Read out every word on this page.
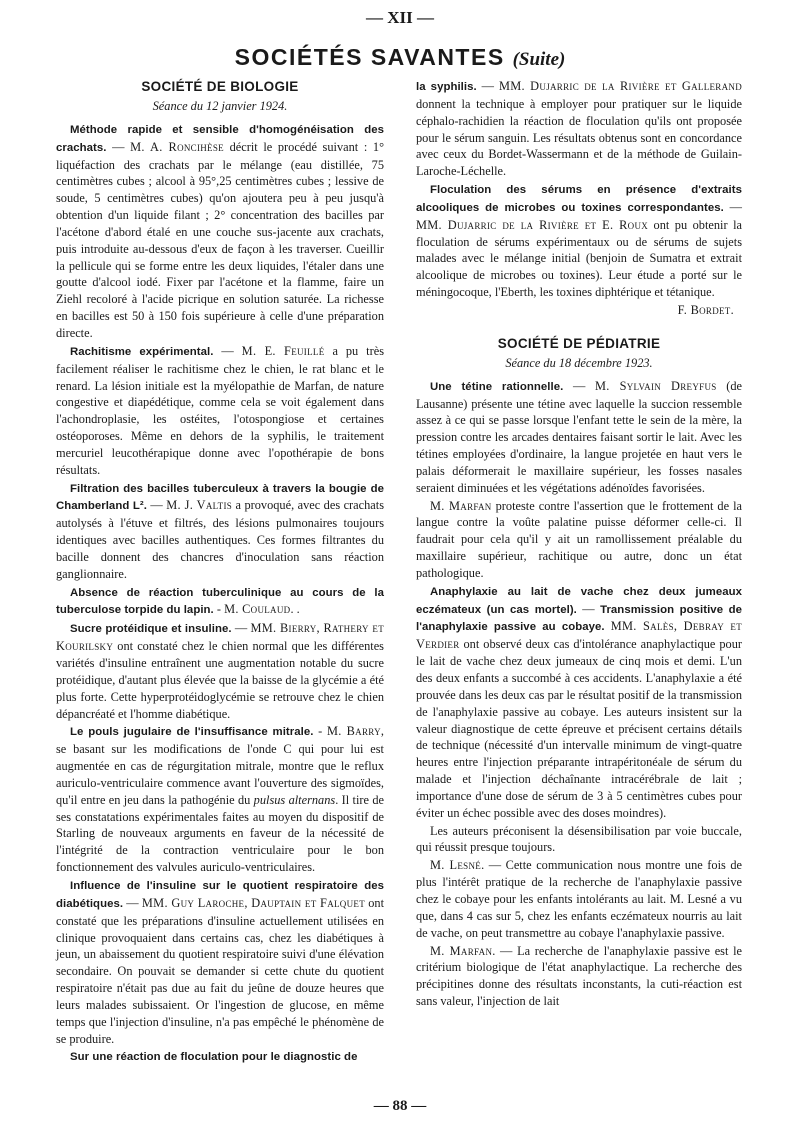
— XII —
SOCIÉTÉS SAVANTES (Suite)
SOCIÉTÉ DE BIOLOGIE
Séance du 12 janvier 1924.

Méthode rapide et sensible d'homogénéisation des crachats. — M. A. Roncihèse décrit le procédé suivant : 1° liquéfaction des crachats par le mélange (eau distillée, 75 centimètres cubes ; alcool à 95°,25 centimètres cubes ; lessive de soude, 5 centimètres cubes) qu'on ajoutera peu à peu jusqu'à obtention d'un liquide filant ; 2° concentration des bacilles par l'acétone d'abord étalé en une couche sus-jacente aux crachats, puis introduite au-dessous d'eux de façon à les traverser. Cueillir la pellicule qui se forme entre les deux liquides, l'étaler dans une goutte d'alcool iodé. Fixer par l'acétone et la flamme, faire un Ziehl recoloré à l'acide picrique en solution saturée. La richesse en bacilles est 50 à 150 fois supérieure à celle d'une préparation directe.

Rachitisme expérimental. — M. E. Feuillé a pu très facilement réaliser le rachitisme chez le chien, le rat blanc et le renard. La lésion initiale est la myélopathie de Marfan, de nature congestive et diapédétique, comme cela se voit également dans l'achondroplasie, les ostéites, l'otospongiose et certaines ostéoporoses. Même en dehors de la syphilis, le traitement mercuriel leucothérapique donne avec l'opothérapie de bons résultats.

Filtration des bacilles tuberculeux à travers la bougie de Chamberland L². — M. J. Valtis a provoqué, avec des crachats autolysés à l'étuve et filtrés, des lésions pulmonaires toujours identiques avec bacilles authentiques. Ces formes filtrantes du bacille donnent des chancres d'inoculation sans réaction ganglionnaire.

Absence de réaction tuberculinique au cours de la tuberculose torpide du lapin. - M. Coulaud. .

Sucre protéidique et insuline. — MM. Bierry, Rathery et Kourilsky ont constaté chez le chien normal que les différentes variétés d'insuline entraînent une augmentation notable du sucre protéidique, d'autant plus élevée que la baisse de la glycémie a été plus forte. Cette hyperprotéidoglycémie se retrouve chez le chien dépancréaté et l'homme diabétique.

Le pouls jugulaire de l'insuffisance mitrale. - M. Barry, se basant sur les modifications de l'onde C qui pour lui est augmentée en cas de régurgitation mitrale, montre que le reflux auriculo-ventriculaire commence avant l'ouverture des sigmoïdes, qu'il entre en jeu dans la pathogénie du pulsus alternans. Il tire de ses constatations expérimentales faites au moyen du dispositif de Starling de nouveaux arguments en faveur de la nécessité de l'intégrité de la contraction ventriculaire pour le bon fonctionnement des valvules auriculo-ventriculaires.

Influence de l'insuline sur le quotient respiratoire des diabétiques. — MM. Guy Laroche, Dauptain et Falquet ont constaté que les préparations d'insuline actuellement utilisées en clinique provoquaient dans certains cas, chez les diabétiques à jeun, un abaissement du quotient respiratoire suivi d'une élévation secondaire. On pouvait se demander si cette chute du quotient respiratoire n'était pas due au fait du jeûne de douze heures que leurs malades subissaient. Or l'ingestion de glucose, en même temps que l'injection d'insuline, n'a pas empêché le phénomène de se produire.

Sur une réaction de floculation pour le diagnostic de

la syphilis. — MM. Dujarric de la Rivière et Gallerand donnent la technique à employer pour pratiquer sur le liquide céphalo-rachidien la réaction de floculation qu'ils ont proposée pour le sérum sanguin. Les résultats obtenus sont en concordance avec ceux du Bordet-Wassermann et de la méthode de Guilain-Laroche-Léchelle.

Floculation des sérums en présence d'extraits alcooliques de microbes ou toxines correspondantes. — MM. Dujarric de la Rivière et E. Roux ont pu obtenir la floculation de sérums expérimentaux ou de sérums de sujets malades avec le mélange initial (benjoin de Sumatra et extrait alcoolique de microbes ou toxines). Leur étude a porté sur le méningocoque, l'Eberth, les toxines diphtérique et tétanique.

F. Bordet.
SOCIÉTÉ DE PÉDIATRIE
Séance du 18 décembre 1923.

Une tétine rationnelle. — M. Sylvain Dreyfus (de Lausanne) présente une tétine avec laquelle la succion ressemble assez à ce qui se passe lorsque l'enfant tette le sein de la mère, la pression contre les arcades dentaires faisant sortir le lait. Avec les tétines employées d'ordinaire, la langue projetée en haut vers le palais déformerait le maxillaire supérieur, les fosses nasales seraient diminuées et les végétations adénoïdes favorisées.

M. Marfan proteste contre l'assertion que le frottement de la langue contre la voûte palatine puisse déformer celle-ci. Il faudrait pour cela qu'il y ait un ramollissement préalable du maxillaire supérieur, rachitique ou autre, donc un état pathologique.

Anaphylaxie au lait de vache chez deux jumeaux eczémateux (un cas mortel). — Transmission positive de l'anaphylaxie passive au cobaye. MM. Salès, Debray et Verdier ont observé deux cas d'intolérance anaphylactique pour le lait de vache chez deux jumeaux de cinq mois et demi. L'un des deux enfants a succombé à ces accidents. L'anaphylaxie a été prouvée dans les deux cas par le résultat positif de la transmission de l'anaphylaxie passive au cobaye. Les auteurs insistent sur la valeur diagnostique de cette épreuve et précisent certains détails de technique (nécessité d'un intervalle minimum de vingt-quatre heures entre l'injection préparante intrapéritonéale de sérum du malade et l'injection déchaînante intracérébrale de lait ; importance d'une dose de sérum de 3 à 5 centimètres cubes pour éviter un échec possible avec des doses moindres).

Les auteurs préconisent la désensibilisation par voie buccale, qui réussit presque toujours.

M. Lesné. — Cette communication nous montre une fois de plus l'intérêt pratique de la recherche de l'anaphylaxie passive chez le cobaye pour les enfants intolérants au lait. M. Lesné a vu que, dans 4 cas sur 5, chez les enfants eczémateux nourris au lait de vache, on peut transmettre au cobaye l'anaphylaxie passive.

M. Marfan. — La recherche de l'anaphylaxie passive est le critérium biologique de l'état anaphylactique. La recherche des précipitines donne des résultats inconstants, la cuti-réaction est sans valeur, l'injection de lait

— 88 —
